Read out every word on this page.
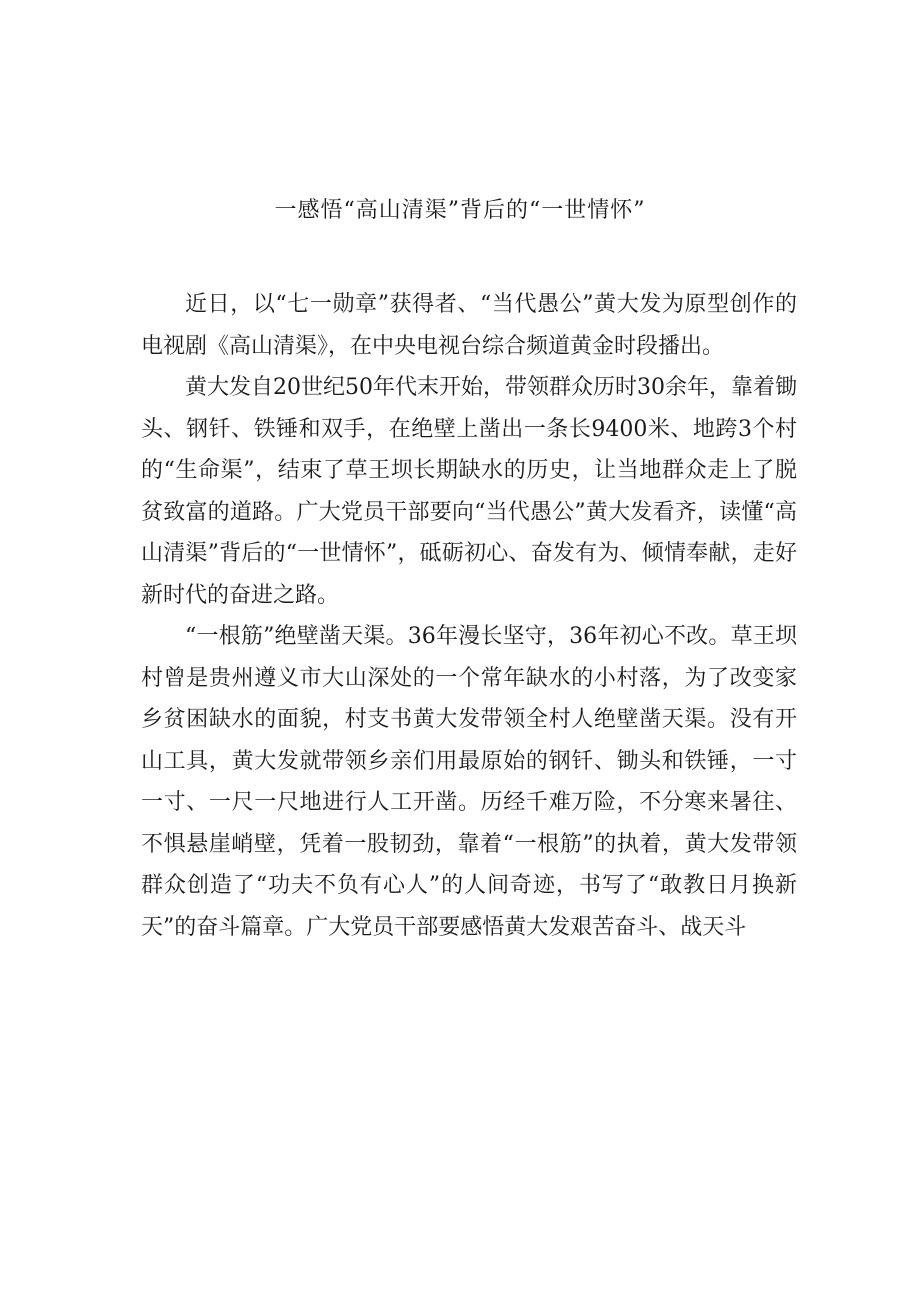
一感悟“高山清渠”背后的“一世情怀”

近日，以“七一勋章”获得者、“当代愚公”黄大发为原型创作的电视剧《高山清渠》，在中央电视台综合频道黄金时段播出。

黄大发自20世纪50年代末开始，带领群众历时30余年，靠着锄头、钢钎、铁锤和双手，在绝壁上凿出一条长9400米、地跨3个村的“生命渠”，结束了草王坝长期缺水的历史，让当地群众走上了脱贫致富的道路。广大党员干部要向“当代愚公”黄大发看齐，读懂“高山清渠”背后的“一世情怀”，砥砺初心、奋发有为、倾情奉献，走好新时代的奋进之路。

“一根筋”绝壁凿天渠。36年漫长坚守，36年初心不改。草王坝村曾是贵州遵义市大山深处的一个常年缺水的小村落，为了改变家乡贫困缺水的面貌，村支书黄大发带领全村人绝壁凿天渠。没有开山工具，黄大发就带领乡亲们用最原始的钢钎、锄头和铁锤，一寸一寸、一尺一尺地进行人工开凿。历经千难万险，不分寒来暑往、不惧悬崖峭壁，凭着一股韧劲，靠着“一根筋”的执着，黄大发带领群众创造了“功夫不负有心人”的人间奇迹，书写了“敢教日月换新天”的奋斗篇章。广大党员干部要感悟黄大发艰苦奋斗、战天斗
